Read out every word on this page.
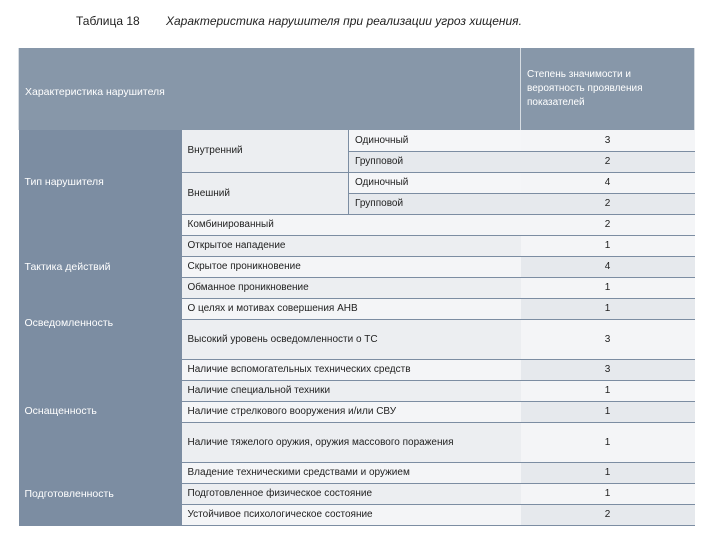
Таблица 18 Характеристика нарушителя при реализации угроз хищения.
Характеристика нарушителя			Степень значимости и вероятность проявления показателей

Тип нарушителя	Внутренний	Одиночный	3
		Групповой	2
	Внешний	Одиночный	4
		Групповой	2
	Комбинированный		2
Тактика действий	Открытое нападение		1
	Скрытое проникновение		4
	Обманное проникновение		1

Осведомленность	О целях и мотивах совершения АНВ		1
	Высокий уровень осведомленности о ТС		3
Оснащенность	Наличие вспомогательных технических средств		3
	Наличие специальной техники		1
	Наличие стрелкового вооружения и/или СВУ		1
	Наличие тяжелого оружия, оружия массового поражения		1
Подготовленность	Владение техническими средствами и оружием		1
	Подготовленное физическое состояние		1
	Устойчивое психологическое состояние		2
